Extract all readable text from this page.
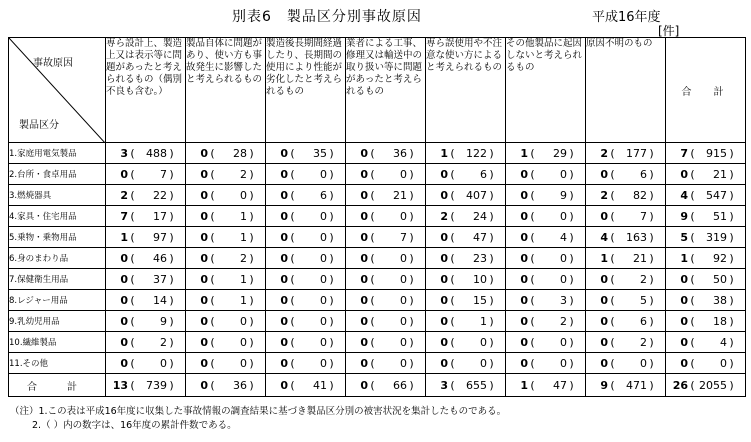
別表6　製品区分別事故原因	平成16年度
[件]
事故原因
製品区分	専ら設計上、製造上又は表示等に問題があったと考えられるもの（偶別不良も含む。）	製品自体に問題があり、使い方も事故発生に影響したと考えられるもの	製造後長期間経過したり、長期間の使用により性能が劣化したと考えられるもの	業者による工事、修理又は輸送中の取り扱い等に問題があったと考えられるもの	専ら誤使用や不注意な使い方によると考えられるもの	その他製品に起因しないと考えられるもの	原因不明のもの	合　計
1.家庭用電気製品	3 ( 488 )	0 ( 28 )	0 ( 35 )	0 ( 36 )	1 ( 122 )	1 ( 29 )	2 ( 177 )	7 ( 915 )

2.台所・食卓用品	0 ( 7 )	0 ( 2 )	0 ( 0 )	0 ( 0 )	0 ( 6 )	0 ( 0 )	0 ( 6 )	0 ( 21 )

3.燃焼器具	2 ( 22 )	0 ( 0 )	0 ( 6 )	0 ( 21 )	0 ( 407 )	0 ( 9 )	2 ( 82 )	4 ( 547 )

4.家具・住宅用品	7 ( 17 )	0 ( 1 )	0 ( 0 )	0 ( 0 )	2 ( 24 )	0 ( 0 )	0 ( 7 )	9 ( 51 )

5.乗物・乗物用品	1 ( 97 )	0 ( 1 )	0 ( 0 )	0 ( 7 )	0 ( 47 )	0 ( 4 )	4 ( 163 )	5 ( 319 )

6.身のまわり品	0 ( 46 )	0 ( 2 )	0 ( 0 )	0 ( 0 )	0 ( 23 )	0 ( 0 )	1 ( 21 )	1 ( 92 )

7.保健衛生用品	0 ( 37 )	0 ( 1 )	0 ( 0 )	0 ( 0 )	0 ( 10 )	0 ( 0 )	0 ( 2 )	0 ( 50 )

8.レジャー用品	0 ( 14 )	0 ( 1 )	0 ( 0 )	0 ( 0 )	0 ( 15 )	0 ( 3 )	0 ( 5 )	0 ( 38 )

9.乳幼児用品	0 ( 9 )	0 ( 0 )	0 ( 0 )	0 ( 0 )	0 ( 1 )	0 ( 2 )	0 ( 6 )	0 ( 18 )

10.繊維製品	0 ( 2 )	0 ( 0 )	0 ( 0 )	0 ( 0 )	0 ( 0 )	0 ( 0 )	0 ( 2 )	0 ( 4 )

11.その他	0 ( 0 )	0 ( 0 )	0 ( 0 )	0 ( 0 )	0 ( 0 )	0 ( 0 )	0 ( 0 )	0 ( 0 )

合　計	13 ( 739 )	0 ( 36 )	0 ( 41 )	0 ( 66 )	3 ( 655 )	1 ( 47 )	9 ( 471 )	26 ( 2055 )
（注）1.この表は平成16年度に収集した事故情報の調査結果に基づき製品区分別の被害状況を集計したものである。
2.（ ）内の数字は、16年度の累計件数である。
